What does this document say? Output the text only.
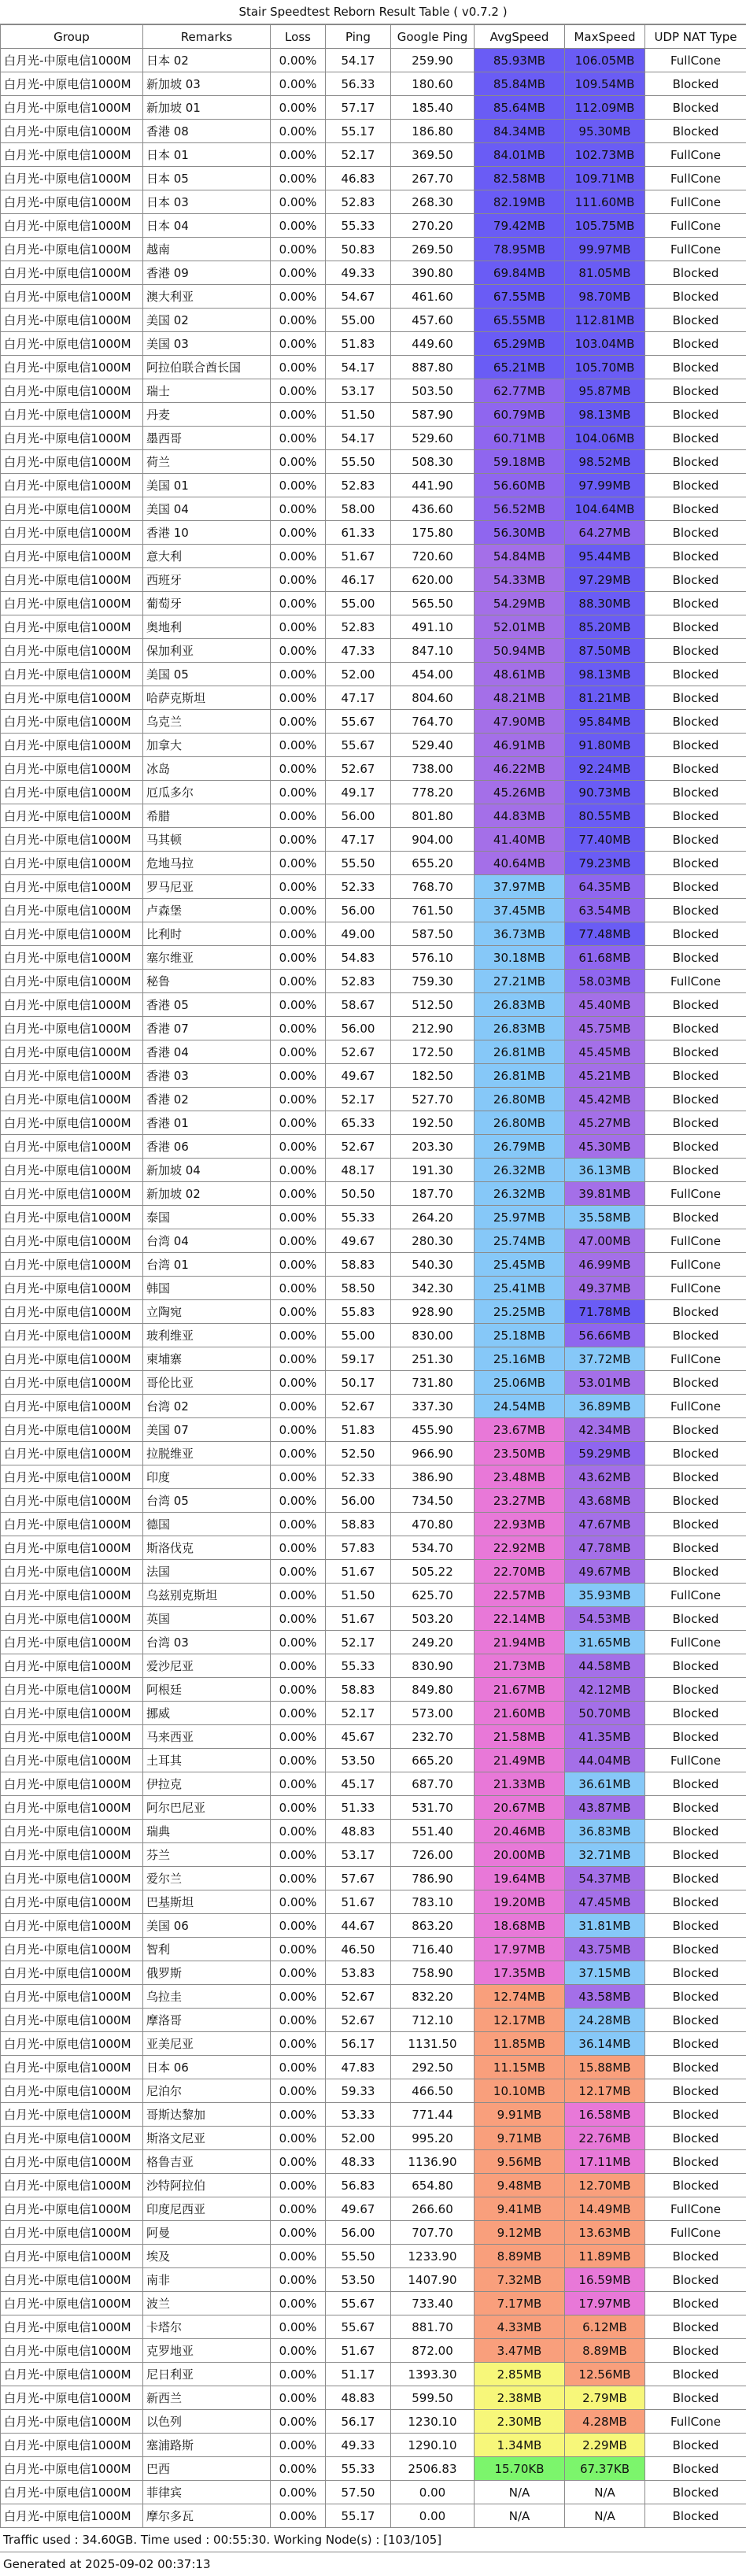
Stair Speedtest Reborn Result Table ( v0.7.2 )
Group	Remarks	Loss	Ping	Google Ping	AvgSpeed	MaxSpeed	UDP NAT Type
白月光-中原电信1000M	日本 02	0.00%	54.17	259.90	85.93MB	106.05MB	FullCone
白月光-中原电信1000M	新加坡 03	0.00%	56.33	180.60	85.84MB	109.54MB	Blocked
白月光-中原电信1000M	新加坡 01	0.00%	57.17	185.40	85.64MB	112.09MB	Blocked
白月光-中原电信1000M	香港 08	0.00%	55.17	186.80	84.34MB	95.30MB	Blocked
白月光-中原电信1000M	日本 01	0.00%	52.17	369.50	84.01MB	102.73MB	FullCone
白月光-中原电信1000M	日本 05	0.00%	46.83	267.70	82.58MB	109.71MB	FullCone
白月光-中原电信1000M	日本 03	0.00%	52.83	268.30	82.19MB	111.60MB	FullCone
白月光-中原电信1000M	日本 04	0.00%	55.33	270.20	79.42MB	105.75MB	FullCone
白月光-中原电信1000M	越南	0.00%	50.83	269.50	78.95MB	99.97MB	FullCone
白月光-中原电信1000M	香港 09	0.00%	49.33	390.80	69.84MB	81.05MB	Blocked
白月光-中原电信1000M	澳大利亚	0.00%	54.67	461.60	67.55MB	98.70MB	Blocked
白月光-中原电信1000M	美国 02	0.00%	55.00	457.60	65.55MB	112.81MB	Blocked
白月光-中原电信1000M	美国 03	0.00%	51.83	449.60	65.29MB	103.04MB	Blocked
白月光-中原电信1000M	阿拉伯联合酋长国	0.00%	54.17	887.80	65.21MB	105.70MB	Blocked
白月光-中原电信1000M	瑞士	0.00%	53.17	503.50	62.77MB	95.87MB	Blocked
白月光-中原电信1000M	丹麦	0.00%	51.50	587.90	60.79MB	98.13MB	Blocked
白月光-中原电信1000M	墨西哥	0.00%	54.17	529.60	60.71MB	104.06MB	Blocked
白月光-中原电信1000M	荷兰	0.00%	55.50	508.30	59.18MB	98.52MB	Blocked
白月光-中原电信1000M	美国 01	0.00%	52.83	441.90	56.60MB	97.99MB	Blocked
白月光-中原电信1000M	美国 04	0.00%	58.00	436.60	56.52MB	104.64MB	Blocked
白月光-中原电信1000M	香港 10	0.00%	61.33	175.80	56.30MB	64.27MB	Blocked
白月光-中原电信1000M	意大利	0.00%	51.67	720.60	54.84MB	95.44MB	Blocked
白月光-中原电信1000M	西班牙	0.00%	46.17	620.00	54.33MB	97.29MB	Blocked
白月光-中原电信1000M	葡萄牙	0.00%	55.00	565.50	54.29MB	88.30MB	Blocked
白月光-中原电信1000M	奥地利	0.00%	52.83	491.10	52.01MB	85.20MB	Blocked
白月光-中原电信1000M	保加利亚	0.00%	47.33	847.10	50.94MB	87.50MB	Blocked
白月光-中原电信1000M	美国 05	0.00%	52.00	454.00	48.61MB	98.13MB	Blocked
白月光-中原电信1000M	哈萨克斯坦	0.00%	47.17	804.60	48.21MB	81.21MB	Blocked
白月光-中原电信1000M	乌克兰	0.00%	55.67	764.70	47.90MB	95.84MB	Blocked
白月光-中原电信1000M	加拿大	0.00%	55.67	529.40	46.91MB	91.80MB	Blocked
白月光-中原电信1000M	冰岛	0.00%	52.67	738.00	46.22MB	92.24MB	Blocked
白月光-中原电信1000M	厄瓜多尔	0.00%	49.17	778.20	45.26MB	90.73MB	Blocked
白月光-中原电信1000M	希腊	0.00%	56.00	801.80	44.83MB	80.55MB	Blocked
白月光-中原电信1000M	马其顿	0.00%	47.17	904.00	41.40MB	77.40MB	Blocked
白月光-中原电信1000M	危地马拉	0.00%	55.50	655.20	40.64MB	79.23MB	Blocked
白月光-中原电信1000M	罗马尼亚	0.00%	52.33	768.70	37.97MB	64.35MB	Blocked
白月光-中原电信1000M	卢森堡	0.00%	56.00	761.50	37.45MB	63.54MB	Blocked
白月光-中原电信1000M	比利时	0.00%	49.00	587.50	36.73MB	77.48MB	Blocked
白月光-中原电信1000M	塞尔维亚	0.00%	54.83	576.10	30.18MB	61.68MB	Blocked
白月光-中原电信1000M	秘鲁	0.00%	52.83	759.30	27.21MB	58.03MB	FullCone
白月光-中原电信1000M	香港 05	0.00%	58.67	512.50	26.83MB	45.40MB	Blocked
白月光-中原电信1000M	香港 07	0.00%	56.00	212.90	26.83MB	45.75MB	Blocked
白月光-中原电信1000M	香港 04	0.00%	52.67	172.50	26.81MB	45.45MB	Blocked
白月光-中原电信1000M	香港 03	0.00%	49.67	182.50	26.81MB	45.21MB	Blocked
白月光-中原电信1000M	香港 02	0.00%	52.17	527.70	26.80MB	45.42MB	Blocked
白月光-中原电信1000M	香港 01	0.00%	65.33	192.50	26.80MB	45.27MB	Blocked
白月光-中原电信1000M	香港 06	0.00%	52.67	203.30	26.79MB	45.30MB	Blocked
白月光-中原电信1000M	新加坡 04	0.00%	48.17	191.30	26.32MB	36.13MB	Blocked
白月光-中原电信1000M	新加坡 02	0.00%	50.50	187.70	26.32MB	39.81MB	FullCone
白月光-中原电信1000M	泰国	0.00%	55.33	264.20	25.97MB	35.58MB	Blocked
白月光-中原电信1000M	台湾 04	0.00%	49.67	280.30	25.74MB	47.00MB	FullCone
白月光-中原电信1000M	台湾 01	0.00%	58.83	540.30	25.45MB	46.99MB	FullCone
白月光-中原电信1000M	韩国	0.00%	58.50	342.30	25.41MB	49.37MB	FullCone
白月光-中原电信1000M	立陶宛	0.00%	55.83	928.90	25.25MB	71.78MB	Blocked
白月光-中原电信1000M	玻利维亚	0.00%	55.00	830.00	25.18MB	56.66MB	Blocked
白月光-中原电信1000M	柬埔寨	0.00%	59.17	251.30	25.16MB	37.72MB	FullCone
白月光-中原电信1000M	哥伦比亚	0.00%	50.17	731.80	25.06MB	53.01MB	Blocked
白月光-中原电信1000M	台湾 02	0.00%	52.67	337.30	24.54MB	36.89MB	FullCone
白月光-中原电信1000M	美国 07	0.00%	51.83	455.90	23.67MB	42.34MB	Blocked
白月光-中原电信1000M	拉脱维亚	0.00%	52.50	966.90	23.50MB	59.29MB	Blocked
白月光-中原电信1000M	印度	0.00%	52.33	386.90	23.48MB	43.62MB	Blocked
白月光-中原电信1000M	台湾 05	0.00%	56.00	734.50	23.27MB	43.68MB	Blocked
白月光-中原电信1000M	德国	0.00%	58.83	470.80	22.93MB	47.67MB	Blocked
白月光-中原电信1000M	斯洛伐克	0.00%	57.83	534.70	22.92MB	47.78MB	Blocked
白月光-中原电信1000M	法国	0.00%	51.67	505.22	22.70MB	49.67MB	Blocked
白月光-中原电信1000M	乌兹别克斯坦	0.00%	51.50	625.70	22.57MB	35.93MB	FullCone
白月光-中原电信1000M	英国	0.00%	51.67	503.20	22.14MB	54.53MB	Blocked
白月光-中原电信1000M	台湾 03	0.00%	52.17	249.20	21.94MB	31.65MB	FullCone
白月光-中原电信1000M	爱沙尼亚	0.00%	55.33	830.90	21.73MB	44.58MB	Blocked
白月光-中原电信1000M	阿根廷	0.00%	58.83	849.80	21.67MB	42.12MB	Blocked
白月光-中原电信1000M	挪威	0.00%	52.17	573.00	21.60MB	50.70MB	Blocked
白月光-中原电信1000M	马来西亚	0.00%	45.67	232.70	21.58MB	41.35MB	Blocked
白月光-中原电信1000M	土耳其	0.00%	53.50	665.20	21.49MB	44.04MB	FullCone
白月光-中原电信1000M	伊拉克	0.00%	45.17	687.70	21.33MB	36.61MB	Blocked
白月光-中原电信1000M	阿尔巴尼亚	0.00%	51.33	531.70	20.67MB	43.87MB	Blocked
白月光-中原电信1000M	瑞典	0.00%	48.83	551.40	20.46MB	36.83MB	Blocked
白月光-中原电信1000M	芬兰	0.00%	53.17	726.00	20.00MB	32.71MB	Blocked
白月光-中原电信1000M	爱尔兰	0.00%	57.67	786.90	19.64MB	54.37MB	Blocked
白月光-中原电信1000M	巴基斯坦	0.00%	51.67	783.10	19.20MB	47.45MB	Blocked
白月光-中原电信1000M	美国 06	0.00%	44.67	863.20	18.68MB	31.81MB	Blocked
白月光-中原电信1000M	智利	0.00%	46.50	716.40	17.97MB	43.75MB	Blocked
白月光-中原电信1000M	俄罗斯	0.00%	53.83	758.90	17.35MB	37.15MB	Blocked
白月光-中原电信1000M	乌拉圭	0.00%	52.67	832.20	12.74MB	43.58MB	Blocked
白月光-中原电信1000M	摩洛哥	0.00%	52.67	712.10	12.17MB	24.28MB	Blocked
白月光-中原电信1000M	亚美尼亚	0.00%	56.17	1131.50	11.85MB	36.14MB	Blocked
白月光-中原电信1000M	日本 06	0.00%	47.83	292.50	11.15MB	15.88MB	Blocked
白月光-中原电信1000M	尼泊尔	0.00%	59.33	466.50	10.10MB	12.17MB	Blocked
白月光-中原电信1000M	哥斯达黎加	0.00%	53.33	771.44	9.91MB	16.58MB	Blocked
白月光-中原电信1000M	斯洛文尼亚	0.00%	52.00	995.20	9.71MB	22.76MB	Blocked
白月光-中原电信1000M	格鲁吉亚	0.00%	48.33	1136.90	9.56MB	17.11MB	Blocked
白月光-中原电信1000M	沙特阿拉伯	0.00%	56.83	654.80	9.48MB	12.70MB	Blocked
白月光-中原电信1000M	印度尼西亚	0.00%	49.67	266.60	9.41MB	14.49MB	FullCone
白月光-中原电信1000M	阿曼	0.00%	56.00	707.70	9.12MB	13.63MB	FullCone
白月光-中原电信1000M	埃及	0.00%	55.50	1233.90	8.89MB	11.89MB	Blocked
白月光-中原电信1000M	南非	0.00%	53.50	1407.90	7.32MB	16.59MB	Blocked
白月光-中原电信1000M	波兰	0.00%	55.67	733.40	7.17MB	17.97MB	Blocked
白月光-中原电信1000M	卡塔尔	0.00%	55.67	881.70	4.33MB	6.12MB	Blocked
白月光-中原电信1000M	克罗地亚	0.00%	51.67	872.00	3.47MB	8.89MB	Blocked
白月光-中原电信1000M	尼日利亚	0.00%	51.17	1393.30	2.85MB	12.56MB	Blocked
白月光-中原电信1000M	新西兰	0.00%	48.83	599.50	2.38MB	2.79MB	Blocked
白月光-中原电信1000M	以色列	0.00%	56.17	1230.10	2.30MB	4.28MB	FullCone
白月光-中原电信1000M	塞浦路斯	0.00%	49.33	1290.10	1.34MB	2.29MB	Blocked
白月光-中原电信1000M	巴西	0.00%	55.33	2506.83	15.70KB	67.37KB	Blocked
白月光-中原电信1000M	菲律宾	0.00%	57.50	0.00	N/A	N/A	Blocked
白月光-中原电信1000M	摩尔多瓦	0.00%	55.17	0.00	N/A	N/A	Blocked
Traffic used : 34.60GB. Time used : 00:55:30. Working Node(s) : [103/105]
Generated at 2025-09-02 00:37:13
